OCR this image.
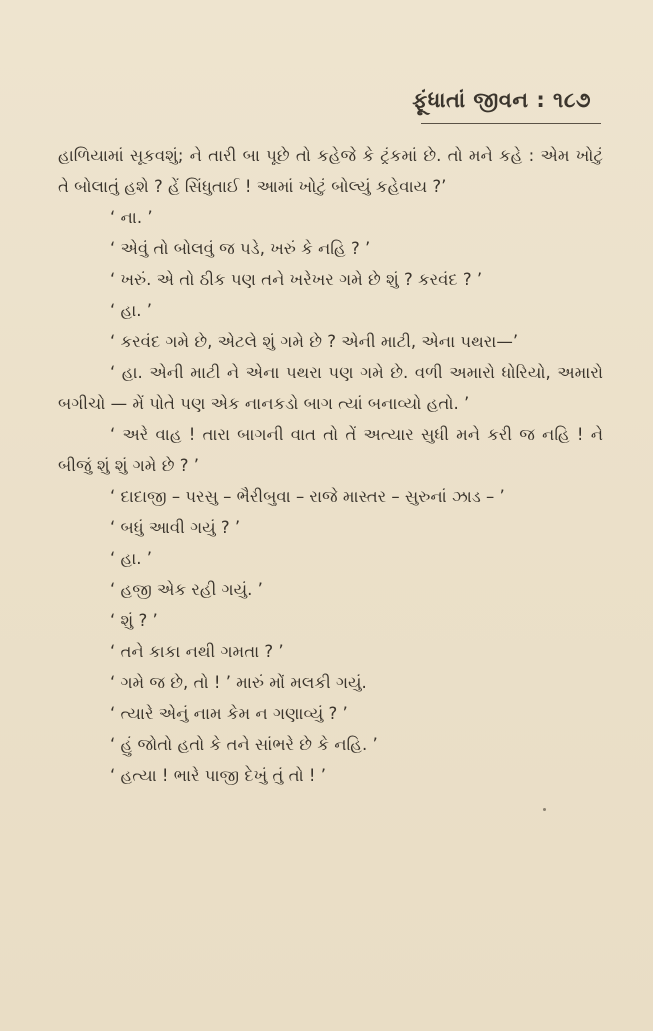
ફૂંધાતાં જીવન : ૧૮૭

હાળિયામાં સૂકવશું; ને તારી બા પૂછે તો કહેજે કે ટ્રંકમાં છે. તો મને કહે : એમ ખોટું તે બોલાતું હશે ? હેં સિંધુતાઈ ! આમાં ખોટું બોલ્યું કહેવાય ?’

‘ ના. ’

‘ એવું તો બોલવું જ પડે, ખરું કે નહિ ? ’

‘ ખરું. એ તો ઠીક પણ તને ખરેખર ગમે છે શું ? કરવંદ ? ’

‘ હા. ’

‘ કરવંદ ગમે છે, એટલે શું ગમે છે ? એની માટી, એના પથરા—’

‘ હા. એની માટી ને એના પથરા પણ ગમે છે. વળી અમારો ધોરિયો, અમારો બગીચો — મેં પોતે પણ એક નાનકડો બાગ ત્યાં બનાવ્યો હતો. ’

‘ અરે વાહ ! તારા બાગની વાત તો તેં અત્યાર સુધી મને કરી જ નહિ ! ને બીજું શું શું ગમે છે ? ’

‘ દાદાજી – પરસુ – ભૈરીબુવા – રાજે માસ્તર – સુરુનાં ઝાડ – ’

‘ બધું આવી ગયું ? ’

‘ હા. ’

‘ હજી એક રહી ગયું. ’

‘ શું ? ’

‘ તને કાકા નથી ગમતા ? ’

‘ ગમે જ છે, તો ! ’ મારું મોં મલકી ગયું.

‘ ત્યારે એનું નામ કેમ ન ગણાવ્યું ? ’

‘ હું જોતો હતો કે તને સાંભરે છે કે નહિ. ’

‘ હત્યા ! ભારે પાજી દેખું તું તો ! ’
